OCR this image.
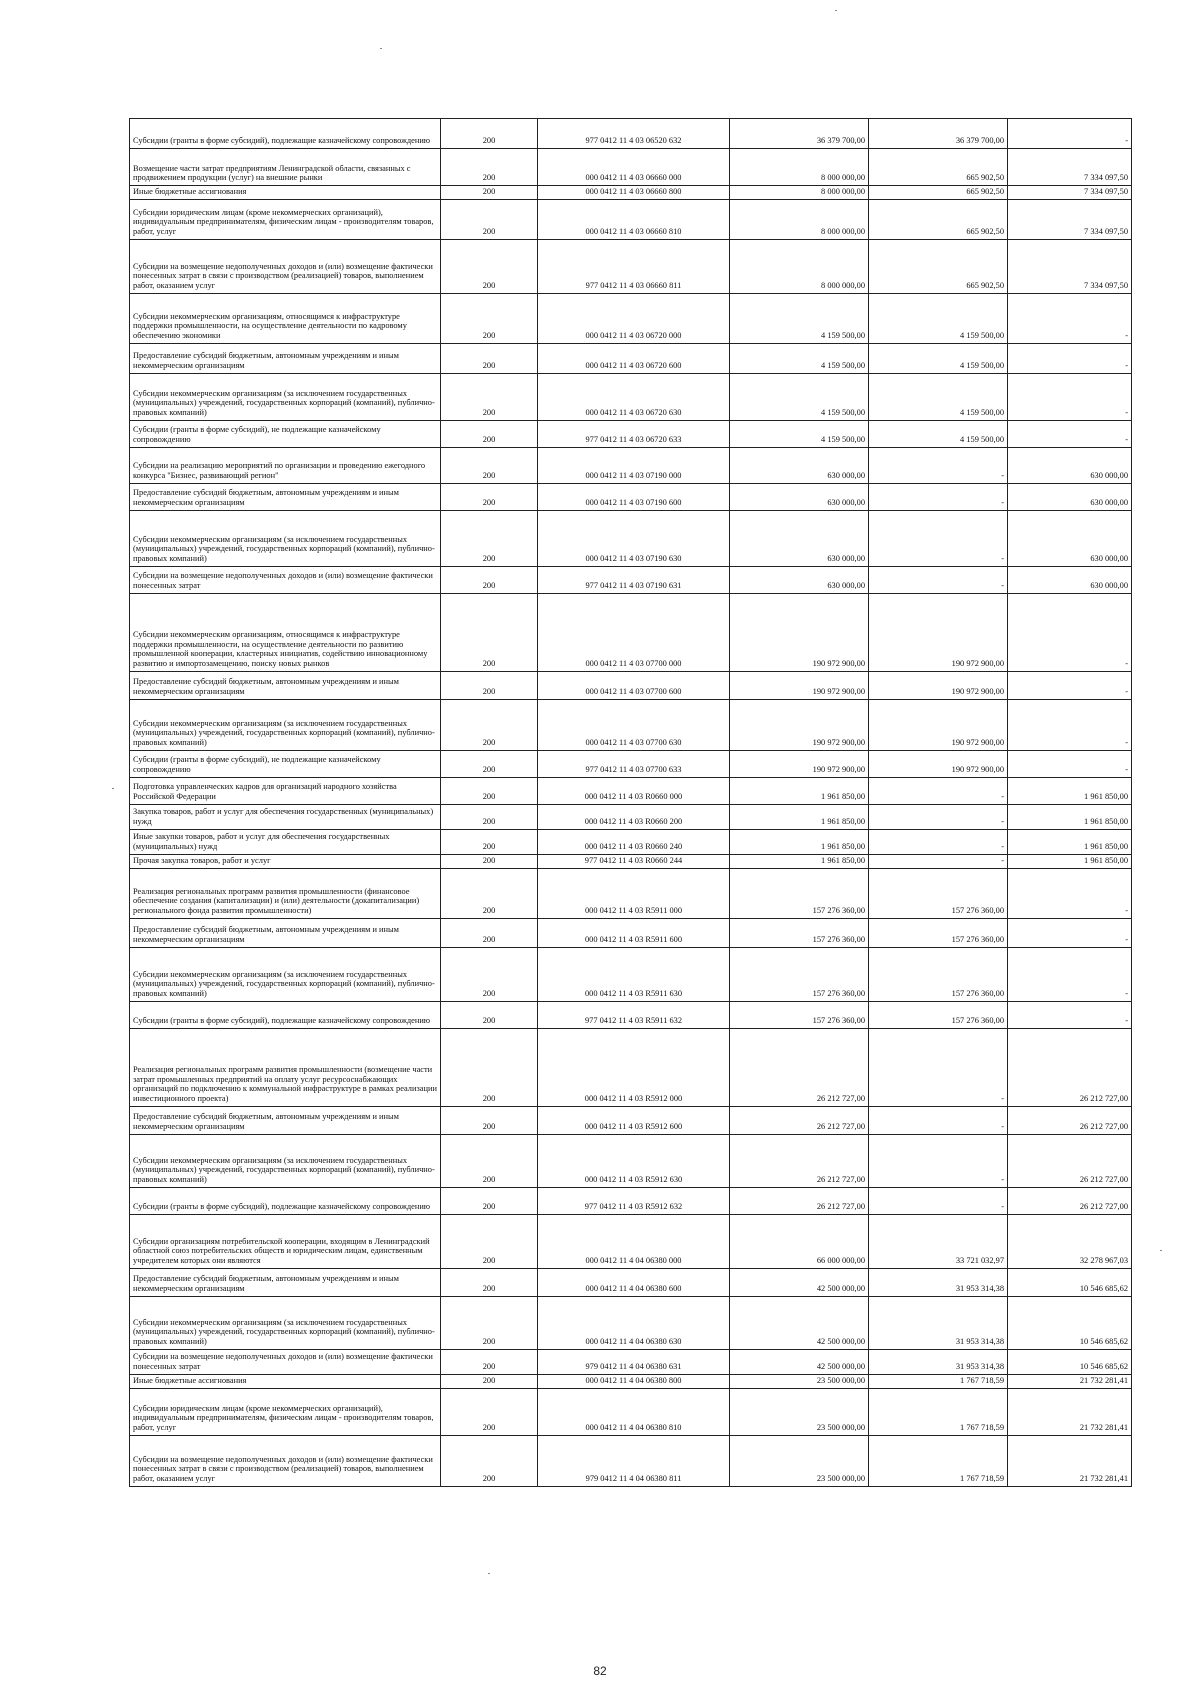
Субсидии (гранты в форме субсидий), подлежащие казначейскому сопровождению	200	977 0412 11 4 03 06520 632	36 379 700,00	36 379 700,00	-
Возмещение части затрат предприятиям Ленинградской области, связанных с продвижением продукции (услуг) на внешние рынки	200	000 0412 11 4 03 06660 000	8 000 000,00	665 902,50	7 334 097,50
Иные бюджетные ассигнования	200	000 0412 11 4 03 06660 800	8 000 000,00	665 902,50	7 334 097,50
Субсидии юридическим лицам (кроме некоммерческих организаций), индивидуальным предпринимателям, физическим лицам - производителям товаров, работ, услуг	200	000 0412 11 4 03 06660 810	8 000 000,00	665 902,50	7 334 097,50
Субсидии на возмещение недополученных доходов и (или) возмещение фактически понесенных затрат в связи с производством (реализацией) товаров, выполнением работ, оказанием услуг	200	977 0412 11 4 03 06660 811	8 000 000,00	665 902,50	7 334 097,50
Субсидии некоммерческим организациям, относящимся к инфраструктуре поддержки промышленности, на осуществление деятельности по кадровому обеспечению экономики	200	000 0412 11 4 03 06720 000	4 159 500,00	4 159 500,00	-
Предоставление субсидий бюджетным, автономным учреждениям и иным некоммерческим организациям	200	000 0412 11 4 03 06720 600	4 159 500,00	4 159 500,00	-
Субсидии некоммерческим организациям (за исключением государственных (муниципальных) учреждений, государственных корпораций (компаний), публично-правовых компаний)	200	000 0412 11 4 03 06720 630	4 159 500,00	4 159 500,00	-
Субсидии (гранты в форме субсидий), не подлежащие казначейскому сопровождению	200	977 0412 11 4 03 06720 633	4 159 500,00	4 159 500,00	-
Субсидии на реализацию мероприятий по организации и проведению ежегодного конкурса "Бизнес, развивающий регион"	200	000 0412 11 4 03 07190 000	630 000,00	-	630 000,00
Предоставление субсидий бюджетным, автономным учреждениям и иным некоммерческим организациям	200	000 0412 11 4 03 07190 600	630 000,00	-	630 000,00
Субсидии некоммерческим организациям (за исключением государственных (муниципальных) учреждений, государственных корпораций (компаний), публично-правовых компаний)	200	000 0412 11 4 03 07190 630	630 000,00	-	630 000,00
Субсидии на возмещение недополученных доходов и (или) возмещение фактически понесенных затрат	200	977 0412 11 4 03 07190 631	630 000,00	-	630 000,00
Субсидии некоммерческим организациям, относящимся к инфраструктуре поддержки промышленности, на осуществление деятельности по развитию промышленной кооперации, кластерных инициатив, содействию инновационному развитию и импортозамещению, поиску новых рынков	200	000 0412 11 4 03 07700 000	190 972 900,00	190 972 900,00	-
Предоставление субсидий бюджетным, автономным учреждениям и иным некоммерческим организациям	200	000 0412 11 4 03 07700 600	190 972 900,00	190 972 900,00	-
Субсидии некоммерческим организациям (за исключением государственных (муниципальных) учреждений, государственных корпораций (компаний), публично-правовых компаний)	200	000 0412 11 4 03 07700 630	190 972 900,00	190 972 900,00	-
Субсидии (гранты в форме субсидий), не подлежащие казначейскому сопровождению	200	977 0412 11 4 03 07700 633	190 972 900,00	190 972 900,00	-
Подготовка управленческих кадров для организаций народного хозяйства Российской Федерации	200	000 0412 11 4 03 R0660 000	1 961 850,00	-	1 961 850,00
Закупка товаров, работ и услуг для обеспечения государственных (муниципальных) нужд	200	000 0412 11 4 03 R0660 200	1 961 850,00	-	1 961 850,00
Иные закупки товаров, работ и услуг для обеспечения государственных (муниципальных) нужд	200	000 0412 11 4 03 R0660 240	1 961 850,00	-	1 961 850,00
Прочая закупка товаров, работ и услуг	200	977 0412 11 4 03 R0660 244	1 961 850,00	-	1 961 850,00
Реализация региональных программ развития промышленности (финансовое обеспечение создания (капитализации) и (или) деятельности (докапитализации) регионального фонда развития промышленности)	200	000 0412 11 4 03 R5911 000	157 276 360,00	157 276 360,00	-
Предоставление субсидий бюджетным, автономным учреждениям и иным некоммерческим организациям	200	000 0412 11 4 03 R5911 600	157 276 360,00	157 276 360,00	-
Субсидии некоммерческим организациям (за исключением государственных (муниципальных) учреждений, государственных корпораций (компаний), публично-правовых компаний)	200	000 0412 11 4 03 R5911 630	157 276 360,00	157 276 360,00	-
Субсидии (гранты в форме субсидий), подлежащие казначейскому сопровождению	200	977 0412 11 4 03 R5911 632	157 276 360,00	157 276 360,00	-
Реализация региональных программ развития промышленности (возмещение части затрат промышленных предприятий на оплату услуг ресурсоснабжающих организаций по подключению к коммунальной инфраструктуре в рамках реализации инвестиционного проекта)	200	000 0412 11 4 03 R5912 000	26 212 727,00	-	26 212 727,00
Предоставление субсидий бюджетным, автономным учреждениям и иным некоммерческим организациям	200	000 0412 11 4 03 R5912 600	26 212 727,00	-	26 212 727,00
Субсидии некоммерческим организациям (за исключением государственных (муниципальных) учреждений, государственных корпораций (компаний), публично-правовых компаний)	200	000 0412 11 4 03 R5912 630	26 212 727,00	-	26 212 727,00
Субсидии (гранты в форме субсидий), подлежащие казначейскому сопровождению	200	977 0412 11 4 03 R5912 632	26 212 727,00	-	26 212 727,00
Субсидии организациям потребительской кооперации, входящим в Ленинградский областной союз потребительских обществ и юридическим лицам, единственным учредителем которых они являются	200	000 0412 11 4 04 06380 000	66 000 000,00	33 721 032,97	32 278 967,03
Предоставление субсидий бюджетным, автономным учреждениям и иным некоммерческим организациям	200	000 0412 11 4 04 06380 600	42 500 000,00	31 953 314,38	10 546 685,62
Субсидии некоммерческим организациям (за исключением государственных (муниципальных) учреждений, государственных корпораций (компаний), публично-правовых компаний)	200	000 0412 11 4 04 06380 630	42 500 000,00	31 953 314,38	10 546 685,62
Субсидии на возмещение недополученных доходов и (или) возмещение фактически понесенных затрат	200	979 0412 11 4 04 06380 631	42 500 000,00	31 953 314,38	10 546 685,62
Иные бюджетные ассигнования	200	000 0412 11 4 04 06380 800	23 500 000,00	1 767 718,59	21 732 281,41
Субсидии юридическим лицам (кроме некоммерческих организаций), индивидуальным предпринимателям, физическим лицам - производителям товаров, работ, услуг	200	000 0412 11 4 04 06380 810	23 500 000,00	1 767 718,59	21 732 281,41
Субсидии на возмещение недополученных доходов и (или) возмещение фактически понесенных затрат в связи с производством (реализацией) товаров, выполнением работ, оказанием услуг	200	979 0412 11 4 04 06380 811	23 500 000,00	1 767 718,59	21 732 281,41
82
